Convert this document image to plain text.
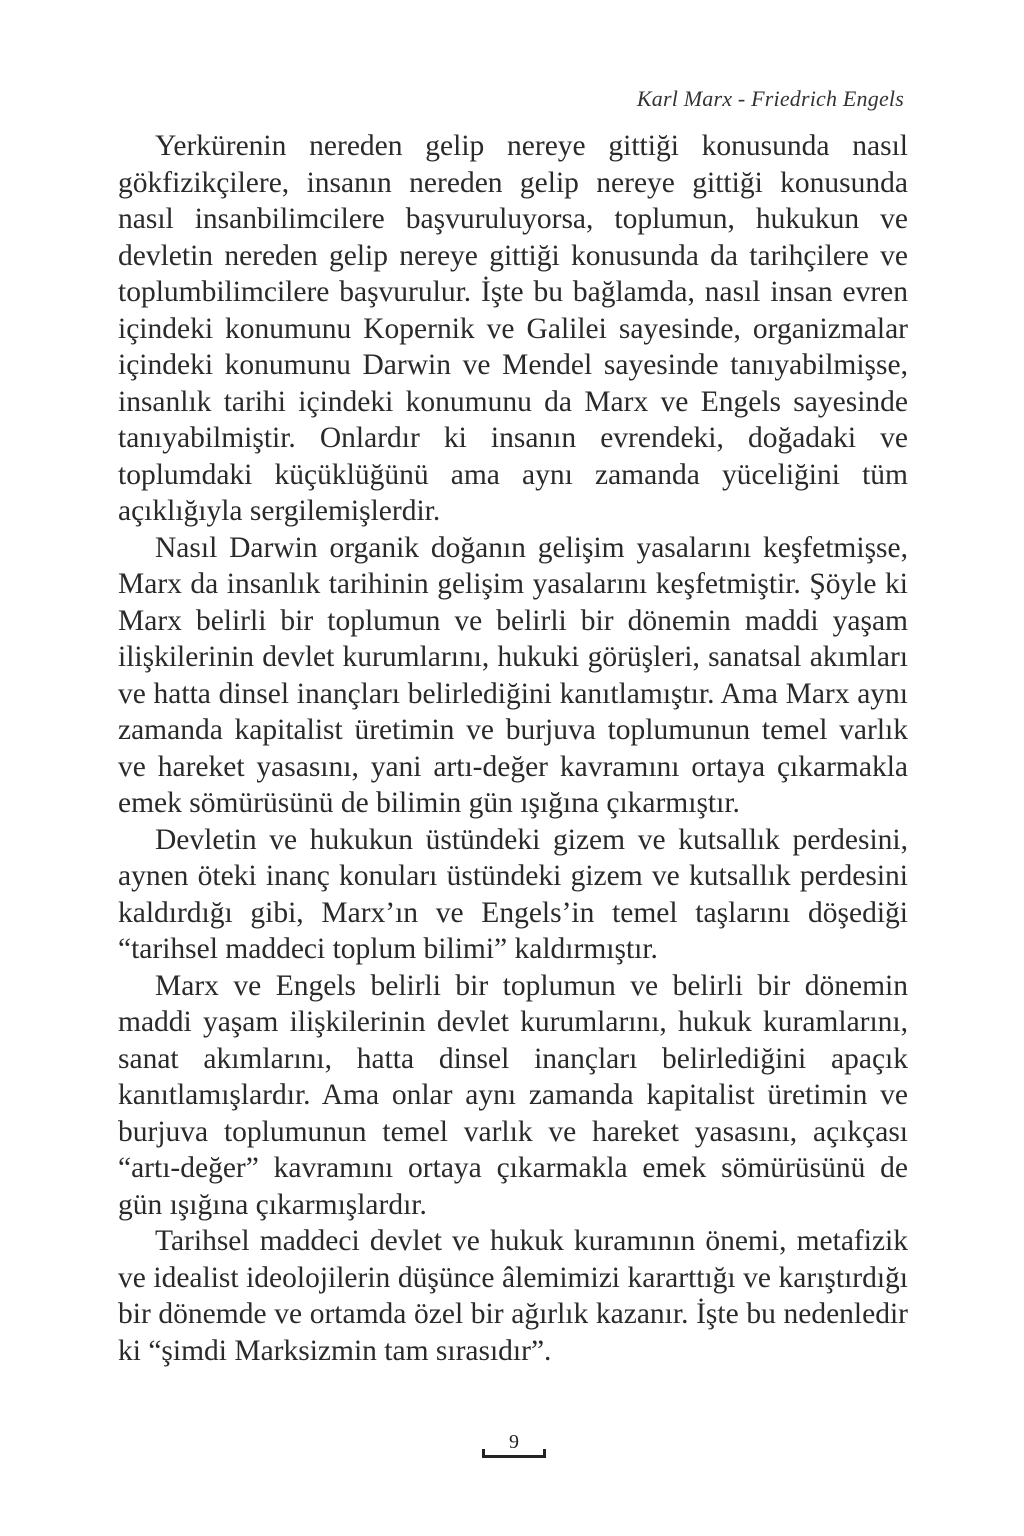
Karl Marx - Friedrich Engels

Yerkürenin nereden gelip nereye gittiği konusunda nasıl gökfizikçilere, insanın nereden gelip nereye gittiği konusunda nasıl insanbilimcilere başvuruluyorsa, toplumun, hukukun ve devletin nereden gelip nereye gittiği konusunda da tarihçilere ve toplumbilimcilere başvurulur. İşte bu bağlamda, nasıl insan evren içindeki konumunu Kopernik ve Galilei sayesinde, organizmalar içindeki konumunu Darwin ve Mendel sayesinde tanıyabilmişse, insanlık tarihi içindeki konumunu da Marx ve Engels sayesinde tanıyabilmiştir. Onlardır ki insanın evrendeki, doğadaki ve toplumdaki küçüklüğünü ama aynı zamanda yüceliğini tüm açıklığıyla sergilemişlerdir.

Nasıl Darwin organik doğanın gelişim yasalarını keşfetmişse, Marx da insanlık tarihinin gelişim yasalarını keşfetmiştir. Şöyle ki Marx belirli bir toplumun ve belirli bir dönemin maddi yaşam ilişkilerinin devlet kurumlarını, hukuki görüşleri, sanatsal akımları ve hatta dinsel inançları belirlediğini kanıtlamıştır. Ama Marx aynı zamanda kapitalist üretimin ve burjuva toplumunun temel varlık ve hareket yasasını, yani artı-değer kavramını ortaya çıkarmakla emek sömürüsünü de bilimin gün ışığına çıkarmıştır.

Devletin ve hukukun üstündeki gizem ve kutsallık perdesini, aynen öteki inanç konuları üstündeki gizem ve kutsallık perdesini kaldırdığı gibi, Marx’ın ve Engels’in temel taşlarını döşediği “tarihsel maddeci toplum bilimi” kaldırmıştır.

Marx ve Engels belirli bir toplumun ve belirli bir dönemin maddi yaşam ilişkilerinin devlet kurumlarını, hukuk kuramlarını, sanat akımlarını, hatta dinsel inançları belirlediğini apaçık kanıtlamışlardır. Ama onlar aynı zamanda kapitalist üretimin ve burjuva toplumunun temel varlık ve hareket yasasını, açıkçası “artı-değer” kavramını ortaya çıkarmakla emek sömürüsünü de gün ışığına çıkarmışlardır.

Tarihsel maddeci devlet ve hukuk kuramının önemi, metafizik ve idealist ideolojilerin düşünce âlemimizi kararttığı ve karıştırdığı bir dönemde ve ortamda özel bir ağırlık kazanır. İşte bu nedenledir ki “şimdi Marksizmin tam sırasıdır”.

9
